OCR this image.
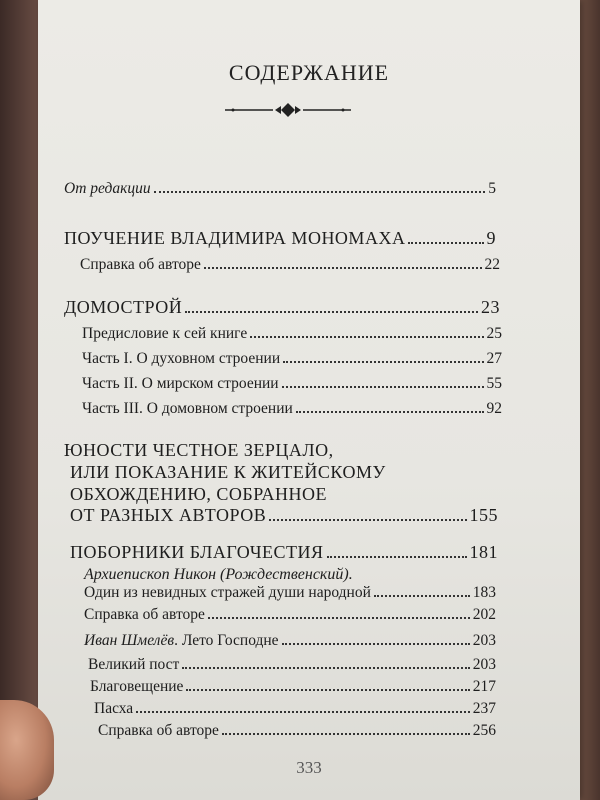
СОДЕРЖАНИЕ
От редакции	5
ПОУЧЕНИЕ ВЛАДИМИРА МОНОМАХА	9
Справка об авторе	22
ДОМОСТРОЙ	23
Предисловие к сей книге	25
Часть I. О духовном строении	27
Часть II. О мирском строении	55
Часть III. О домовном строении	92
ЮНОСТИ ЧЕСТНОЕ ЗЕРЦАЛО,
ИЛИ ПОКАЗАНИЕ К ЖИТЕЙСКОМУ
ОБХОЖДЕНИЮ, СОБРАННОЕ
ОТ РАЗНЫХ АВТОРОВ	155
ПОБОРНИКИ БЛАГОЧЕСТИЯ	181
Архиепископ Никон (Рождественский).
Один из невидных стражей души народной	183
Справка об авторе	202
Иван Шмелёв. Лето Господне	203
Великий пост	203
Благовещение	217
Пасха	237
Справка об авторе	256
333
